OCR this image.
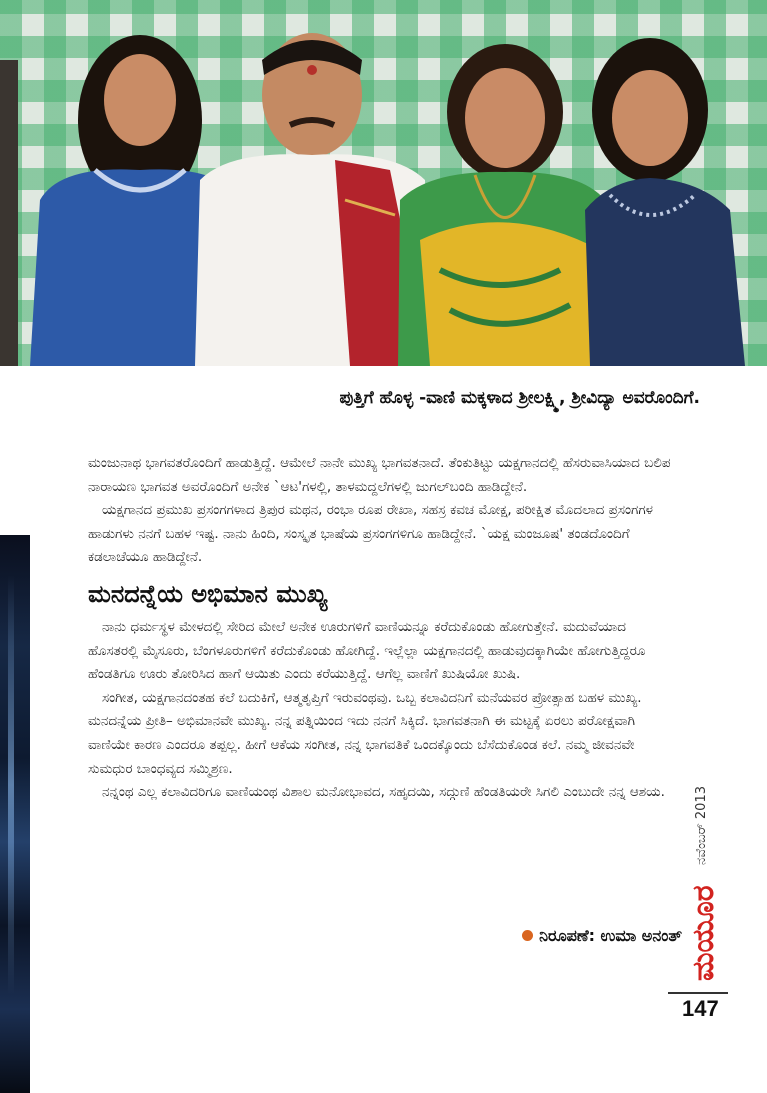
ಪುತ್ತಿಗೆ ಹೊಳ್ಳ -ವಾಣಿ ಮಕ್ಕಳಾದ ಶ್ರೀಲಕ್ಷ್ಮಿ, ಶ್ರೀವಿದ್ಯಾ ಅವರೊಂದಿಗೆ.

ಮಂಜುನಾಥ ಭಾಗವತರೊಂದಿಗೆ ಹಾಡುತ್ತಿದ್ದೆ. ಆಮೇಲೆ ನಾನೇ ಮುಖ್ಯ ಭಾಗವತನಾದೆ. ತೆಂಕುತಿಟ್ಟು ಯಕ್ಷಗಾನದಲ್ಲಿ ಹೆಸರುವಾಸಿಯಾದ ಬಲಿಪ ನಾರಾಯಣ ಭಾಗವತ ಅವರೊಂದಿಗೆ ಅನೇಕ `ಆಟ'ಗಳಲ್ಲಿ, ತಾಳಮದ್ದಲೆಗಳಲ್ಲಿ ಜುಗಲ್‌ಬಂದಿ ಹಾಡಿದ್ದೇನೆ.

ಯಕ್ಷಗಾನದ ಪ್ರಮುಖ ಪ್ರಸಂಗಗಳಾದ ತ್ರಿಪುರ ಮಥನ, ರಂಭಾ ರೂಪ ರೇಖಾ, ಸಹಸ್ರ ಕವಚ ಮೋಕ್ಷ, ಪರೀಕ್ಷಿತ ಮೊದಲಾದ ಪ್ರಸಂಗಗಳ ಹಾಡುಗಳು ನನಗೆ ಬಹಳ ಇಷ್ಟ. ನಾನು ಹಿಂದಿ, ಸಂಸ್ಕೃತ ಭಾಷೆಯ ಪ್ರಸಂಗಗಳಿಗೂ ಹಾಡಿದ್ದೇನೆ. `ಯಕ್ಷ ಮಂಜೂಷ' ತಂಡದೊಂದಿಗೆ ಕಡಲಾಚೆಯೂ ಹಾಡಿದ್ದೇನೆ.

ಮನದನ್ನೆಯ ಅಭಿಮಾನ ಮುಖ್ಯ

ನಾನು ಧರ್ಮಸ್ಥಳ ಮೇಳದಲ್ಲಿ ಸೇರಿದ ಮೇಲೆ ಅನೇಕ ಊರುಗಳಿಗೆ ವಾಣಿಯನ್ನೂ ಕರೆದುಕೊಂಡು ಹೋಗುತ್ತೇನೆ. ಮದುವೆಯಾದ ಹೊಸತರಲ್ಲಿ ಮೈಸೂರು, ಬೆಂಗಳೂರುಗಳಿಗೆ ಕರೆದುಕೊಂಡು ಹೋಗಿದ್ದೆ. ಇಲ್ಲೆಲ್ಲಾ ಯಕ್ಷಗಾನದಲ್ಲಿ ಹಾಡುವುದಕ್ಕಾಗಿಯೇ ಹೋಗುತ್ತಿದ್ದರೂ ಹೆಂಡತಿಗೂ ಊರು ತೋರಿಸಿದ ಹಾಗೆ ಆಯಿತು ಎಂದು ಕರೆಯುತ್ತಿದ್ದೆ. ಆಗೆಲ್ಲ ವಾಣಿಗೆ ಖುಷಿಯೋ ಖುಷಿ.

ಸಂಗೀತ, ಯಕ್ಷಗಾನದಂತಹ ಕಲೆ ಬದುಕಿಗೆ, ಆತ್ಮತೃಪ್ತಿಗೆ ಇರುವಂಥವು. ಒಬ್ಬ ಕಲಾವಿದನಿಗೆ ಮನೆಯವರ ಪ್ರೋತ್ಸಾಹ ಬಹಳ ಮುಖ್ಯ. ಮನದನ್ನೆಯ ಪ್ರೀತಿ– ಅಭಿಮಾನವೇ ಮುಖ್ಯ. ನನ್ನ ಪತ್ನಿಯಿಂದ ಇದು ನನಗೆ ಸಿಕ್ಕಿದೆ. ಭಾಗವತನಾಗಿ ಈ ಮಟ್ಟಕ್ಕೆ ಏರಲು ಪರೋಕ್ಷವಾಗಿ ವಾಣಿಯೇ ಕಾರಣ ಎಂದರೂ ತಪ್ಪಲ್ಲ. ಹೀಗೆ ಆಕೆಯ ಸಂಗೀತ, ನನ್ನ ಭಾಗವತಿಕೆ ಒಂದಕ್ಕೊಂದು ಬೆಸೆದುಕೊಂಡ ಕಲೆ. ನಮ್ಮ ಜೀವನವೇ ಸುಮಧುರ ಬಾಂಧವ್ಯದ ಸಮ್ಮಿಶ್ರಣ.

ನನ್ನಂಥ ಎಲ್ಲ ಕಲಾವಿದರಿಗೂ ವಾಣಿಯಂಥ ವಿಶಾಲ ಮನೋಭಾವದ, ಸಹೃದಯಿ, ಸದ್ಗುಣಿ ಹೆಂಡತಿಯರೇ ಸಿಗಲಿ ಎಂಬುದೇ ನನ್ನ ಆಶಯ.

ನಿರೂಪಣೆ: ಉಮಾ ಅನಂತ್
ನವೆಂಬರ್ 2013
ಮಯೂರ
147
